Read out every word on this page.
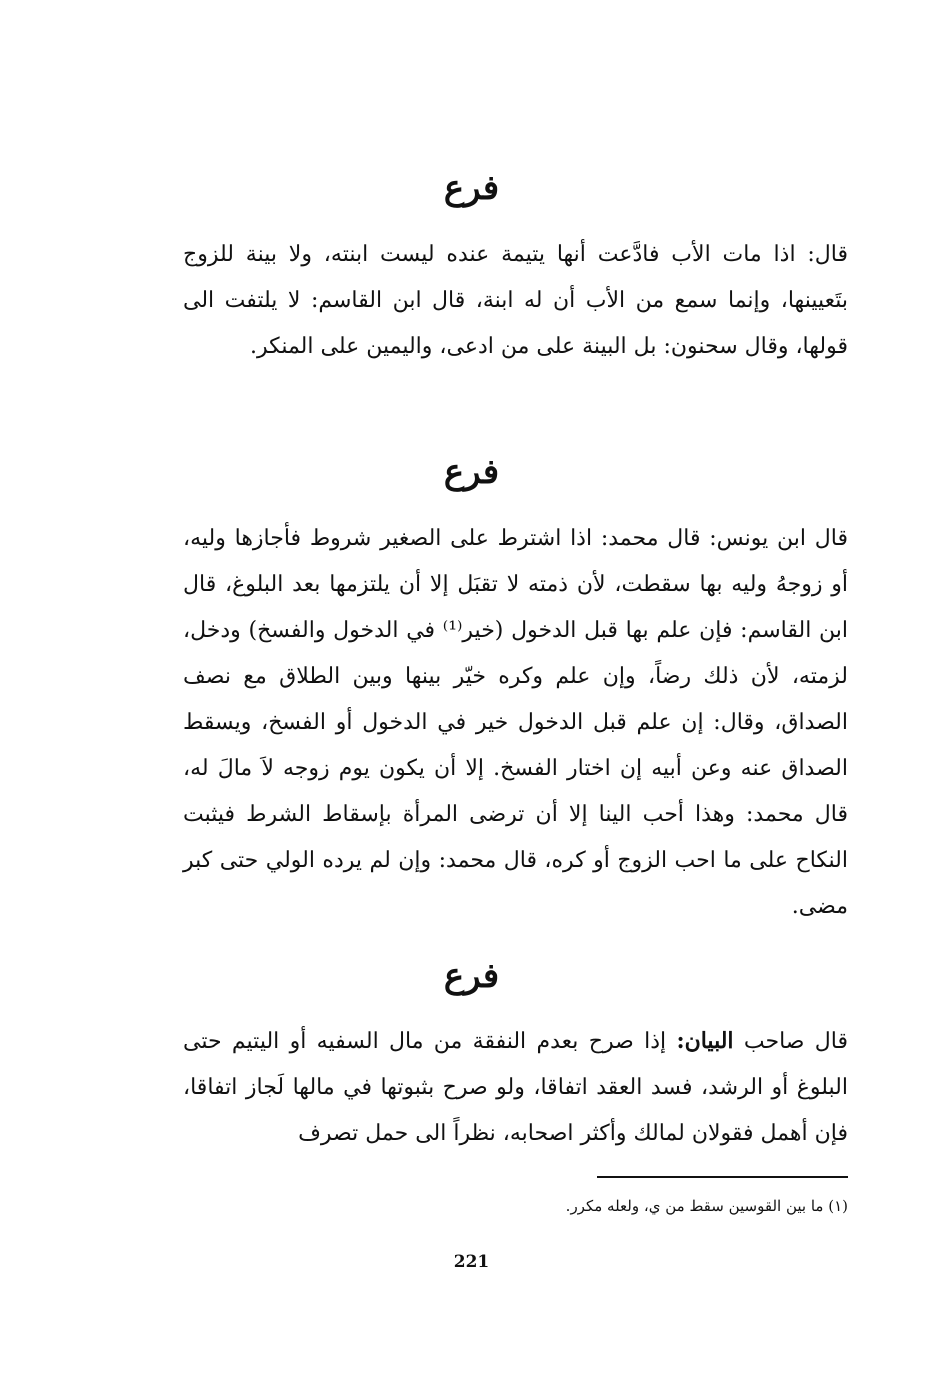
فرع

قال: اذا مات الأب فادَّعت أنها يتيمة عنده ليست ابنته، ولا بينة للزوج بتَعيينها، وإنما سمع من الأب أن له ابنة، قال ابن القاسم: لا يلتفت الى قولها، وقال سحنون: بل البينة على من ادعى، واليمين على المنكر.

فرع

قال ابن يونس: قال محمد: اذا اشترط على الصغير شروط فأجازها وليه، أو زوجهُ وليه بها سقطت، لأن ذمته لا تقبَل إلا أن يلتزمها بعد البلوغ، قال ابن القاسم: فإن علم بها قبل الدخول (خير⁽¹⁾ في الدخول والفسخ) ودخل، لزمته، لأن ذلك رضاً، وإن علم وكره خيّر بينها وبين الطلاق مع نصف الصداق، وقال: إن علم قبل الدخول خير في الدخول أو الفسخ، ويسقط الصداق عنه وعن أبيه إن اختار الفسخ. إلا أن يكون يوم زوجه لاَ مالَ له، قال محمد: وهذا أحب الينا إلا أن ترضى المرأة بإسقاط الشرط فيثبت النكاح على ما احب الزوج أو كره، قال محمد: وإن لم يرده الولي حتى كبر مضى.

فرع

قال صاحب البيان: إذا صرح بعدم النفقة من مال السفيه أو اليتيم حتى البلوغ أو الرشد، فسد العقد اتفاقا، ولو صرح بثبوتها في مالها لَجاز اتفاقا، فإن أهمل فقولان لمالك وأكثر اصحابه، نظراً الى حمل تصرف

(١) ما بين القوسين سقط من ي، ولعله مكرر.
221
